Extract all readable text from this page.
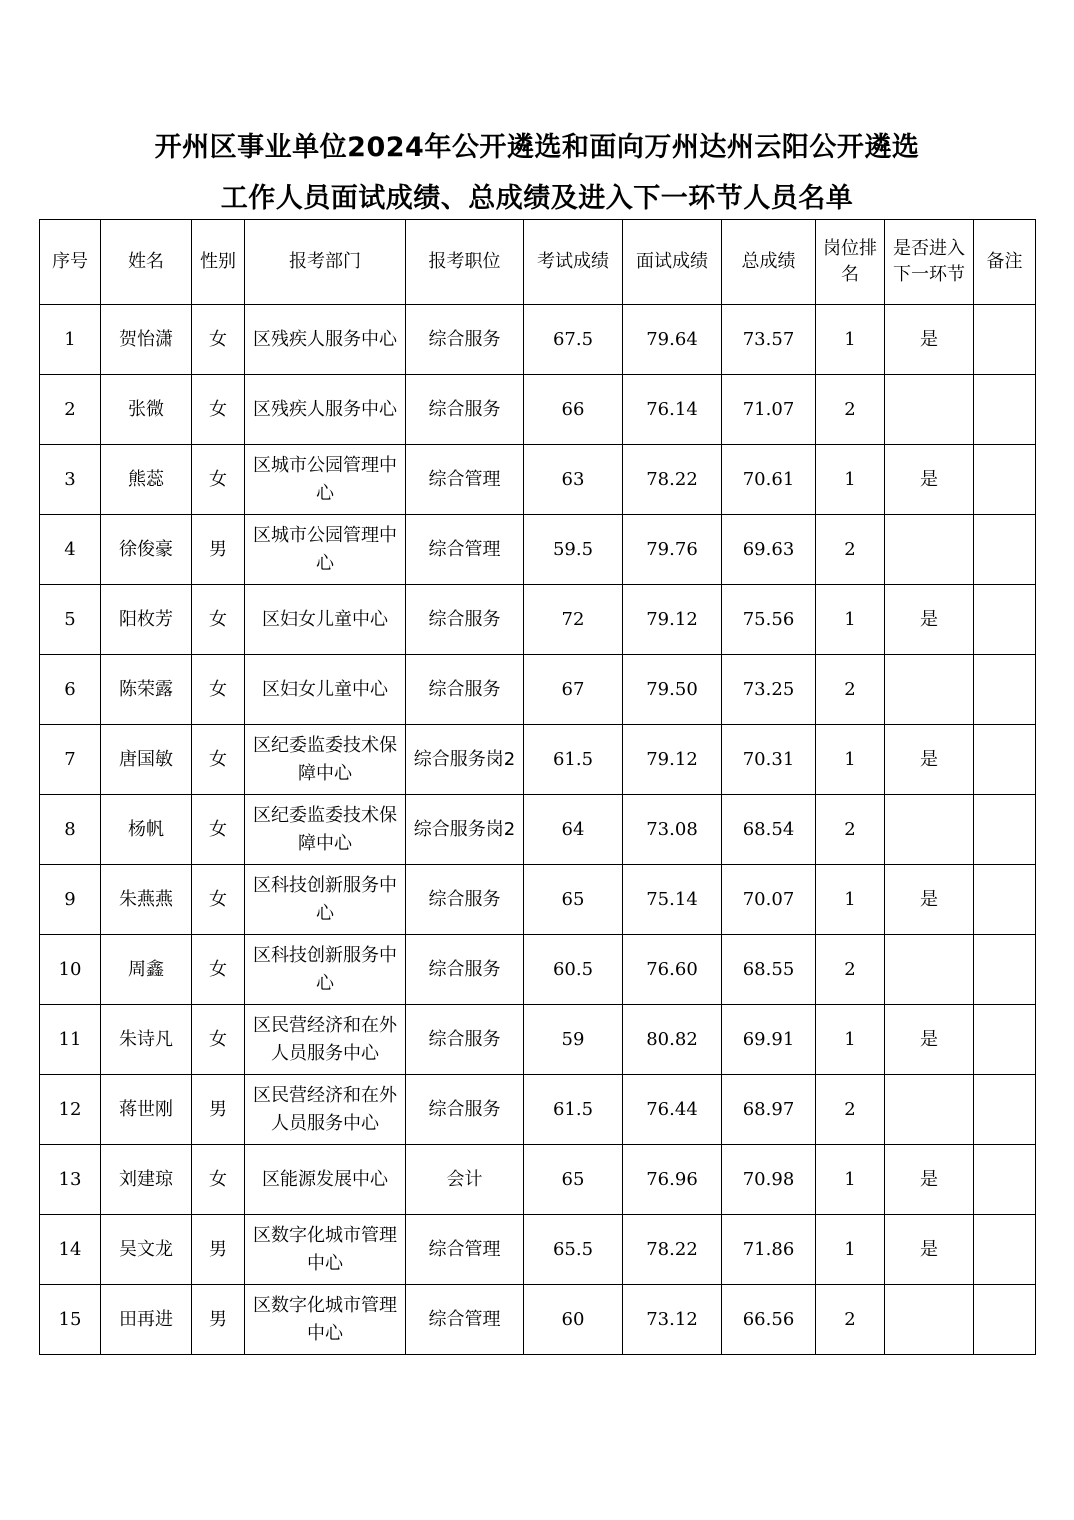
开州区事业单位2024年公开遴选和面向万州达州云阳公开遴选
工作人员面试成绩、总成绩及进入下一环节人员名单
序号	姓名	性别	报考部门	报考职位	考试成绩	面试成绩	总成绩	岗位排名	是否进入下一环节	备注
1	贺怡潇	女	区残疾人服务中心	综合服务	67.5	79.64	73.57	1	是	
2	张微	女	区残疾人服务中心	综合服务	66	76.14	71.07	2		
3	熊蕊	女	区城市公园管理中心	综合管理	63	78.22	70.61	1	是	
4	徐俊豪	男	区城市公园管理中心	综合管理	59.5	79.76	69.63	2		
5	阳枚芳	女	区妇女儿童中心	综合服务	72	79.12	75.56	1	是	
6	陈荣露	女	区妇女儿童中心	综合服务	67	79.50	73.25	2		
7	唐国敏	女	区纪委监委技术保障中心	综合服务岗2	61.5	79.12	70.31	1	是	
8	杨帆	女	区纪委监委技术保障中心	综合服务岗2	64	73.08	68.54	2		
9	朱燕燕	女	区科技创新服务中心	综合服务	65	75.14	70.07	1	是	
10	周鑫	女	区科技创新服务中心	综合服务	60.5	76.60	68.55	2		
11	朱诗凡	女	区民营经济和在外人员服务中心	综合服务	59	80.82	69.91	1	是	
12	蒋世刚	男	区民营经济和在外人员服务中心	综合服务	61.5	76.44	68.97	2		
13	刘建琼	女	区能源发展中心	会计	65	76.96	70.98	1	是	
14	吴文龙	男	区数字化城市管理中心	综合管理	65.5	78.22	71.86	1	是	
15	田再进	男	区数字化城市管理中心	综合管理	60	73.12	66.56	2		
